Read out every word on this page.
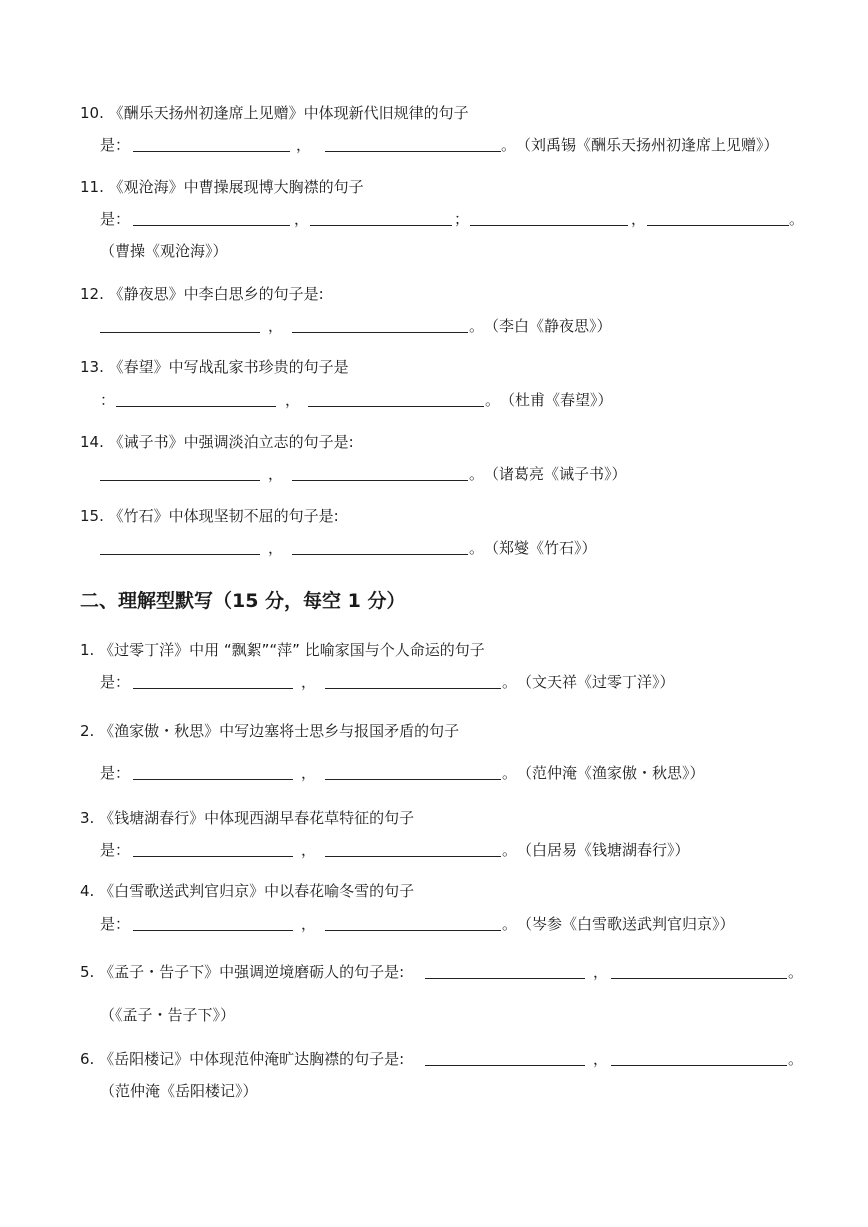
10. 《酬乐天扬州初逢席上见赠》中体现新代旧规律的句子
是：	，	。 （刘禹锡《酬乐天扬州初逢席上见赠》）
11. 《观沧海》中曹操展现博大胸襟的句子
是：	，	；	，	。
（曹操《观沧海》）
12. 《静夜思》中李白思乡的句子是:
，	。 （李白《静夜思》）
13. 《春望》中写战乱家书珍贵的句子是
：	，	。 （杜甫《春望》）
14. 《诫子书》中强调淡泊立志的句子是:
，	。 （诸葛亮《诫子书》）
15. 《竹石》中体现坚韧不屈的句子是:
，	。 （郑燮《竹石》）
二、理解型默写（15 分，每空 1 分）
1. 《过零丁洋》中用 “飘絮”“萍” 比喻家国与个人命运的句子
是：	，	。 （文天祥《过零丁洋》）
2. 《渔家傲・秋思》中写边塞将士思乡与报国矛盾的句子
是：	，	。 （范仲淹《渔家傲・秋思》）
3. 《钱塘湖春行》中体现西湖早春花草特征的句子
是：	，	。 （白居易《钱塘湖春行》）
4. 《白雪歌送武判官归京》中以春花喻冬雪的句子
是：	，	。 （岑参《白雪歌送武判官归京》）
5. 《孟子・告子下》中强调逆境磨砺人的句子是:	，	。
（《孟子・告子下》）
6. 《岳阳楼记》中体现范仲淹旷达胸襟的句子是:	，	。
（范仲淹《岳阳楼记》）
